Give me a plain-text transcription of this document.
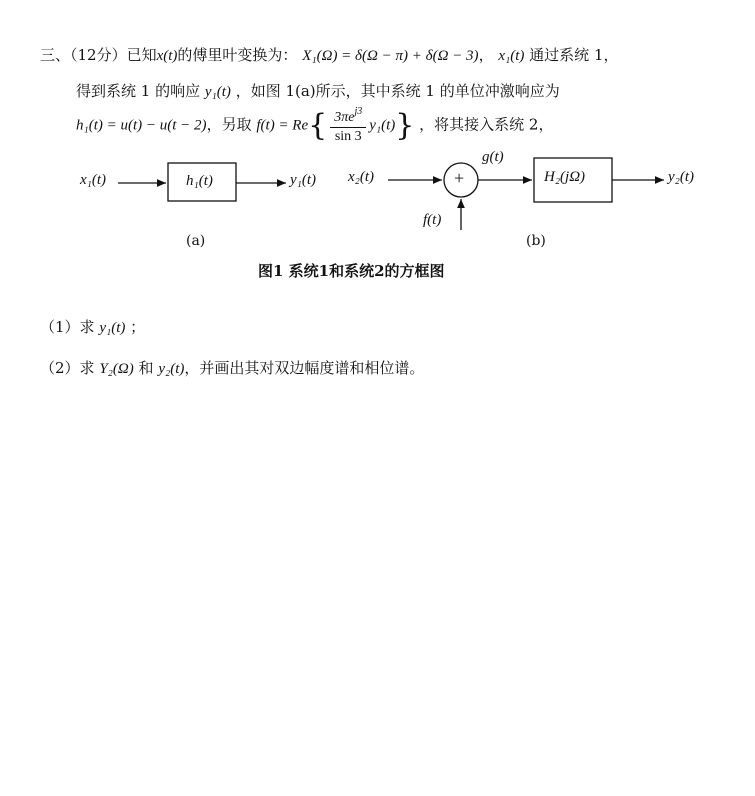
三、（12分）已知x(t)的傅里叶变换为： X₁(Ω) = δ(Ω − π) + δ(Ω − 3)， x₁(t) 通过系统 1，
得到系统 1 的响应 y₁(t) ，如图 1(a)所示，其中系统 1 的单位冲激响应为
h₁(t) = u(t) − u(t − 2)，另取 $f(t) = Re\{ \frac{3\pi e^{j3}}{\sin 3} y_1(t)\}$ ，将其接入系统 2，
x₁(t)	h₁(t)	y₁(t)
(a)
x₂(t)	+
g(t)
f(t)
H₂(jΩ)	y₂(t)
(b)
图1 系统1和系统2的方框图
（1）求 y₁(t) ；
（2）求 Y₂(Ω) 和 y₂(t)，并画出其对双边幅度谱和相位谱。
